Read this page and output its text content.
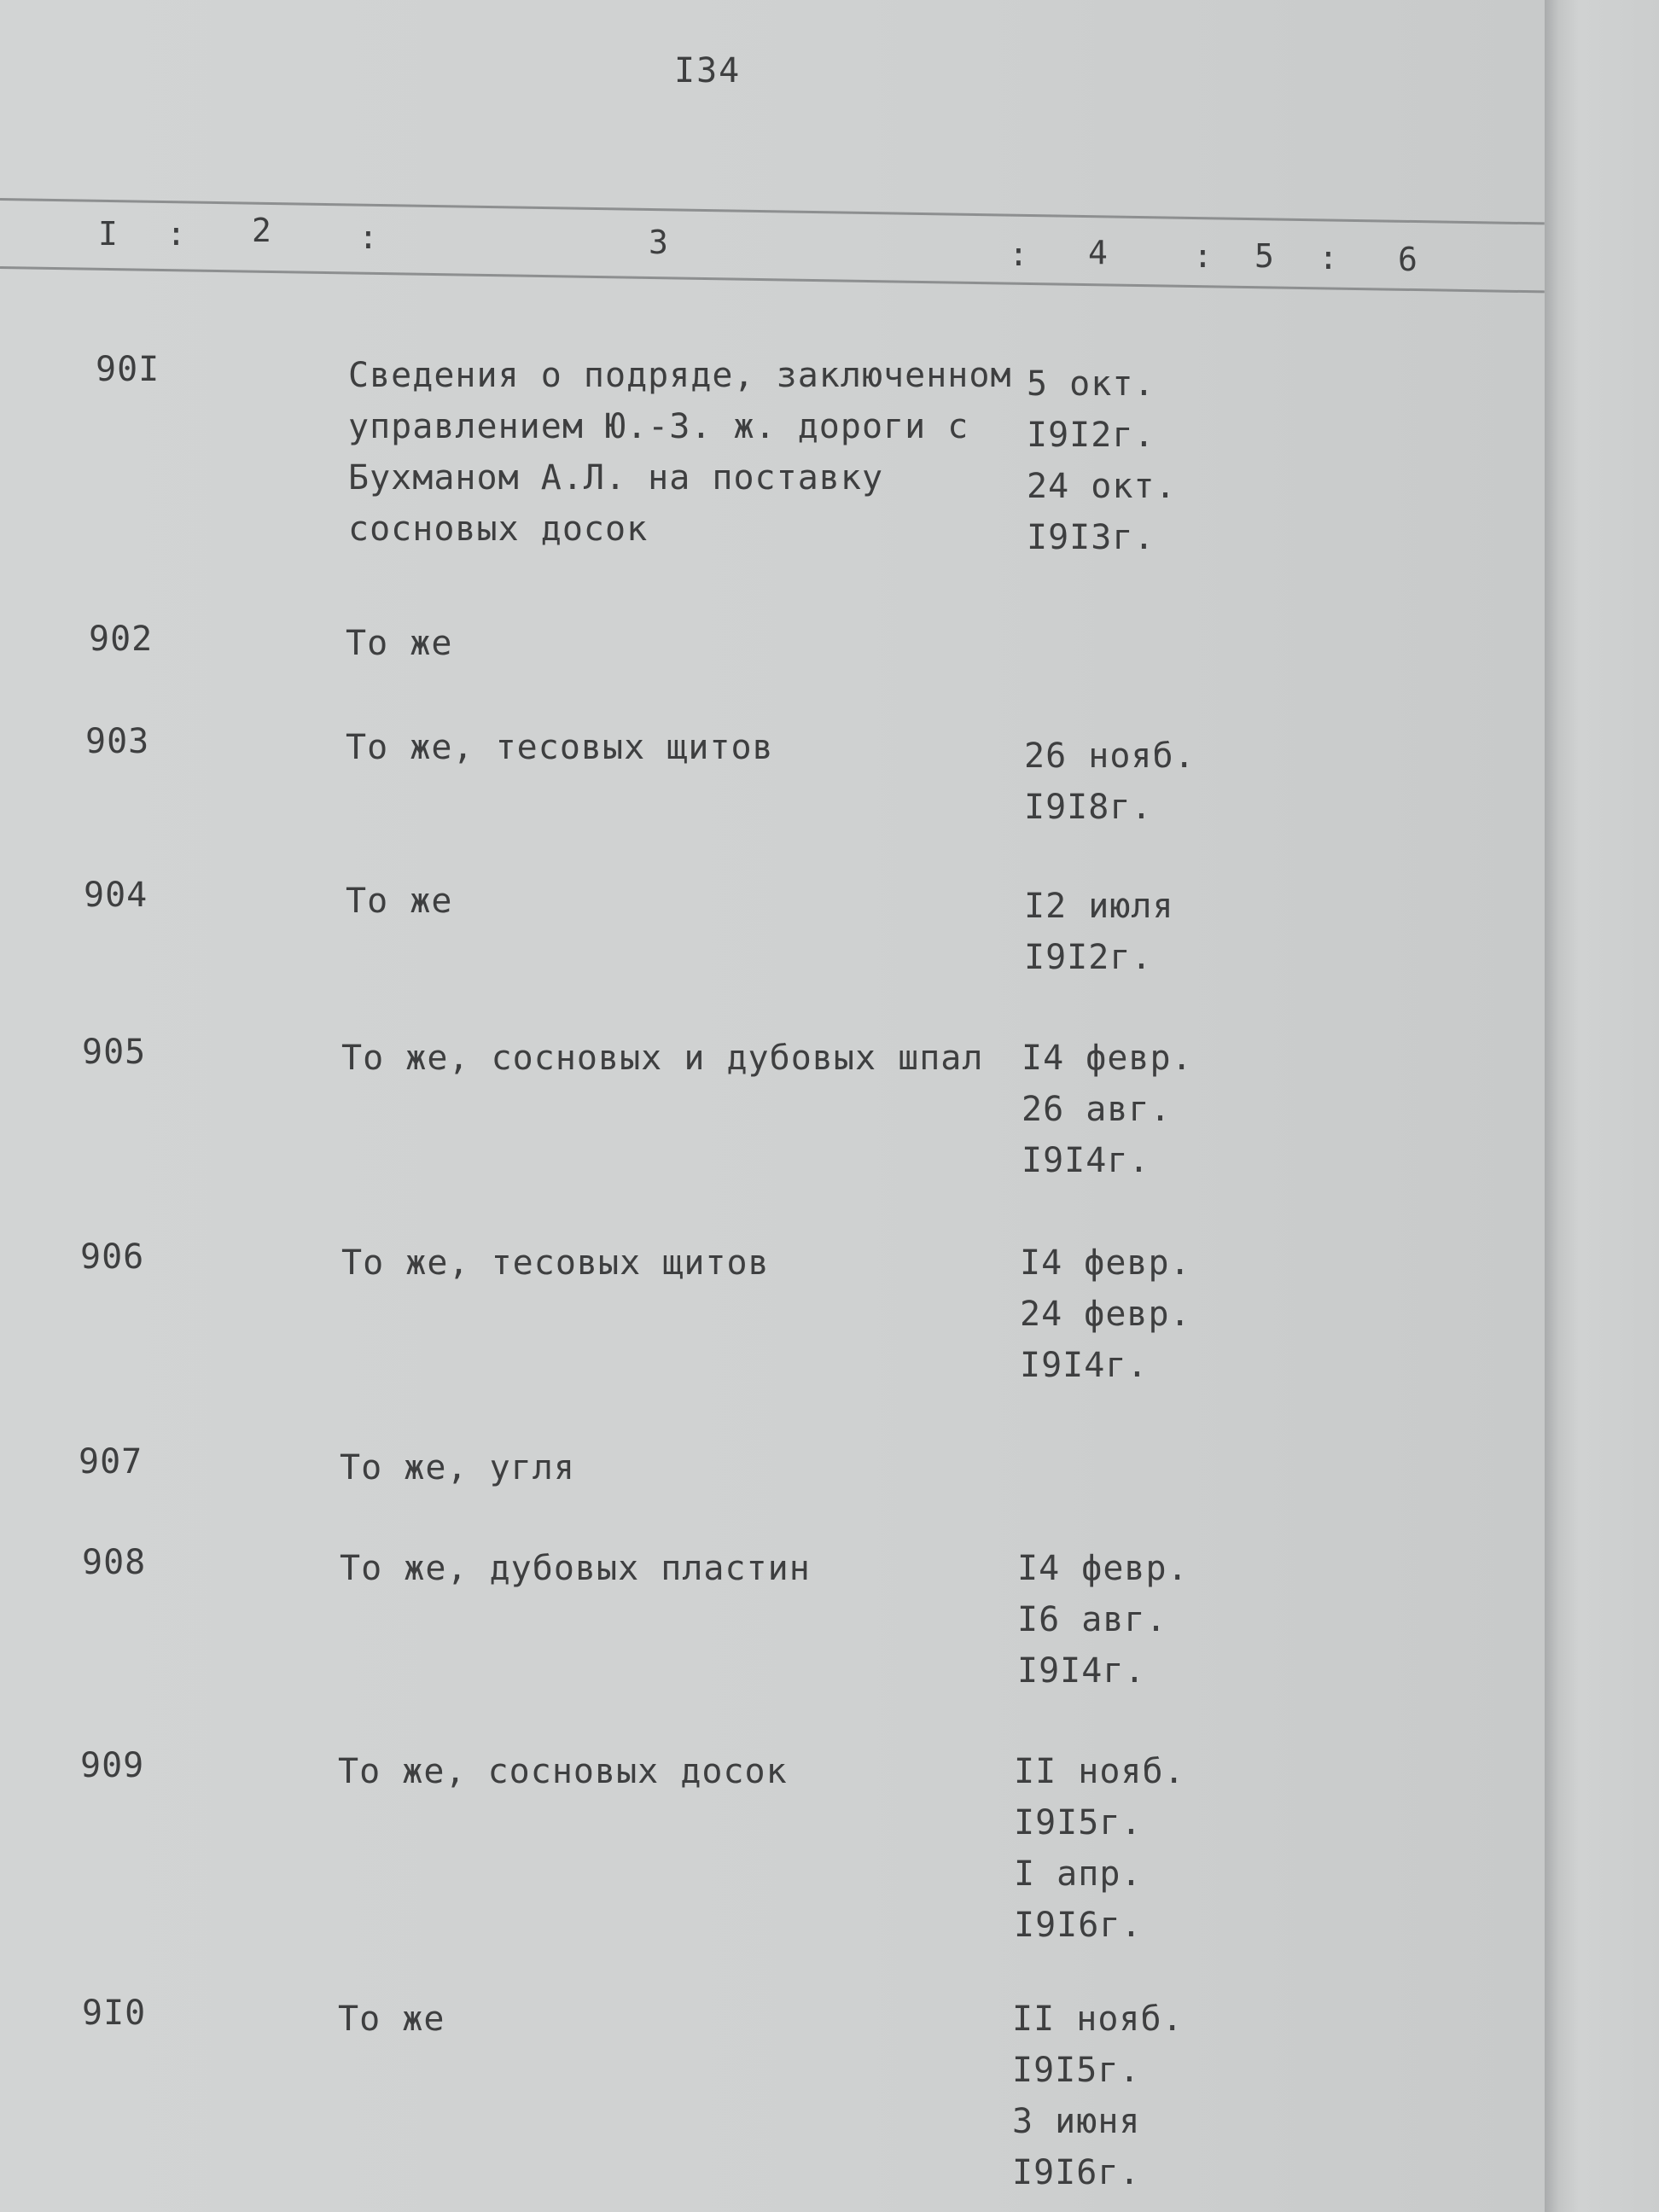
I34
I : 2	:	3	: 4	: 5 : 6
90I	Сведения о подряде, заключенном управлением Ю.-З. ж. дороги с Бухманом А.Л. на поставку сосновых досок
5 окт.
I9I2г.
24 окт.
I9I3г.
902	То же
903	То же, тесовых щитов	26 нояб.
I9I8г.
904	То же	I2 июля
I9I2г.
905	То же, сосновых и дубовых шпал	I4 февр.
26 авг.
I9I4г.
906	То же, тесовых щитов	I4 февр.
24 февр.
I9I4г.
907	То же, угля
908	То же, дубовых пластин	I4 февр.
I6 авг.
I9I4г.
909	То же, сосновых досок	II нояб.
I9I5г.
I апр.
I9I6г.
9I0	То же	II нояб.
I9I5г.
3 июня
I9I6г.
